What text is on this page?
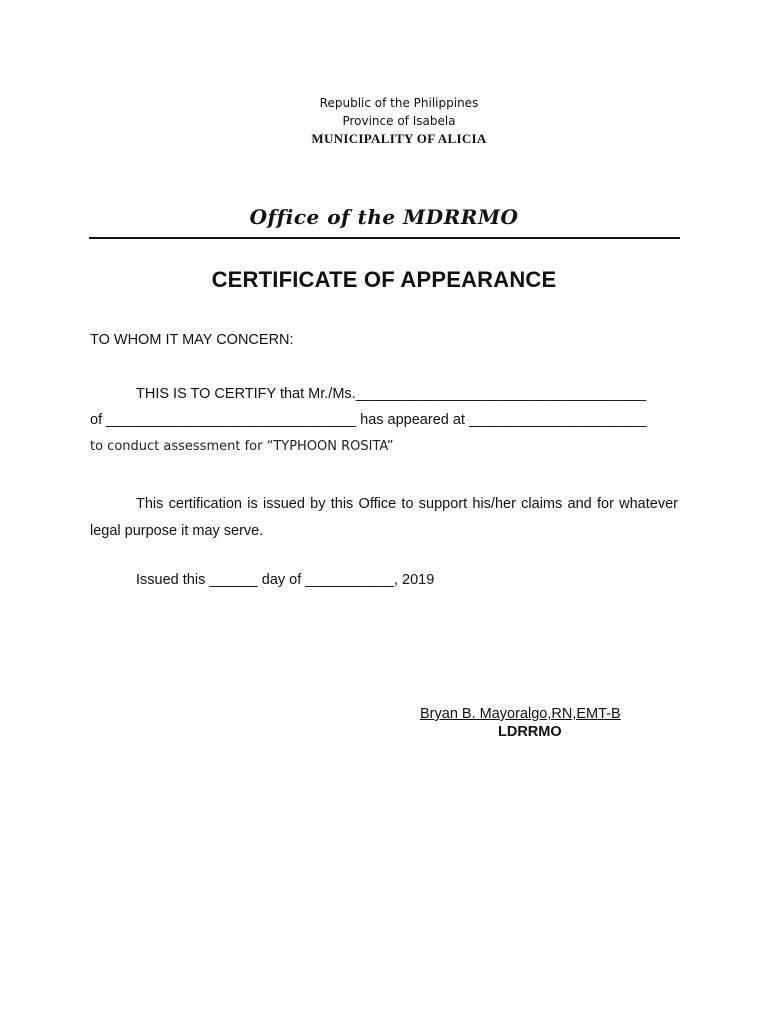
Republic of the Philippines
Province of Isabela
MUNICIPALITY OF ALICIA
Office of the MDRRMO
CERTIFICATE OF APPEARANCE
TO WHOM IT MAY CONCERN:
THIS IS TO CERTIFY that Mr./Ms.____________________________________
of _______________________________ has appeared at ______________________
to conduct assessment for “TYPHOON ROSITA”
This certification is issued by this Office to support his/her claims and for whatever legal purpose it may serve.
Issued this ______ day of ___________, 2019
Bryan B. Mayoralgo,RN,EMT-B
LDRRMO
